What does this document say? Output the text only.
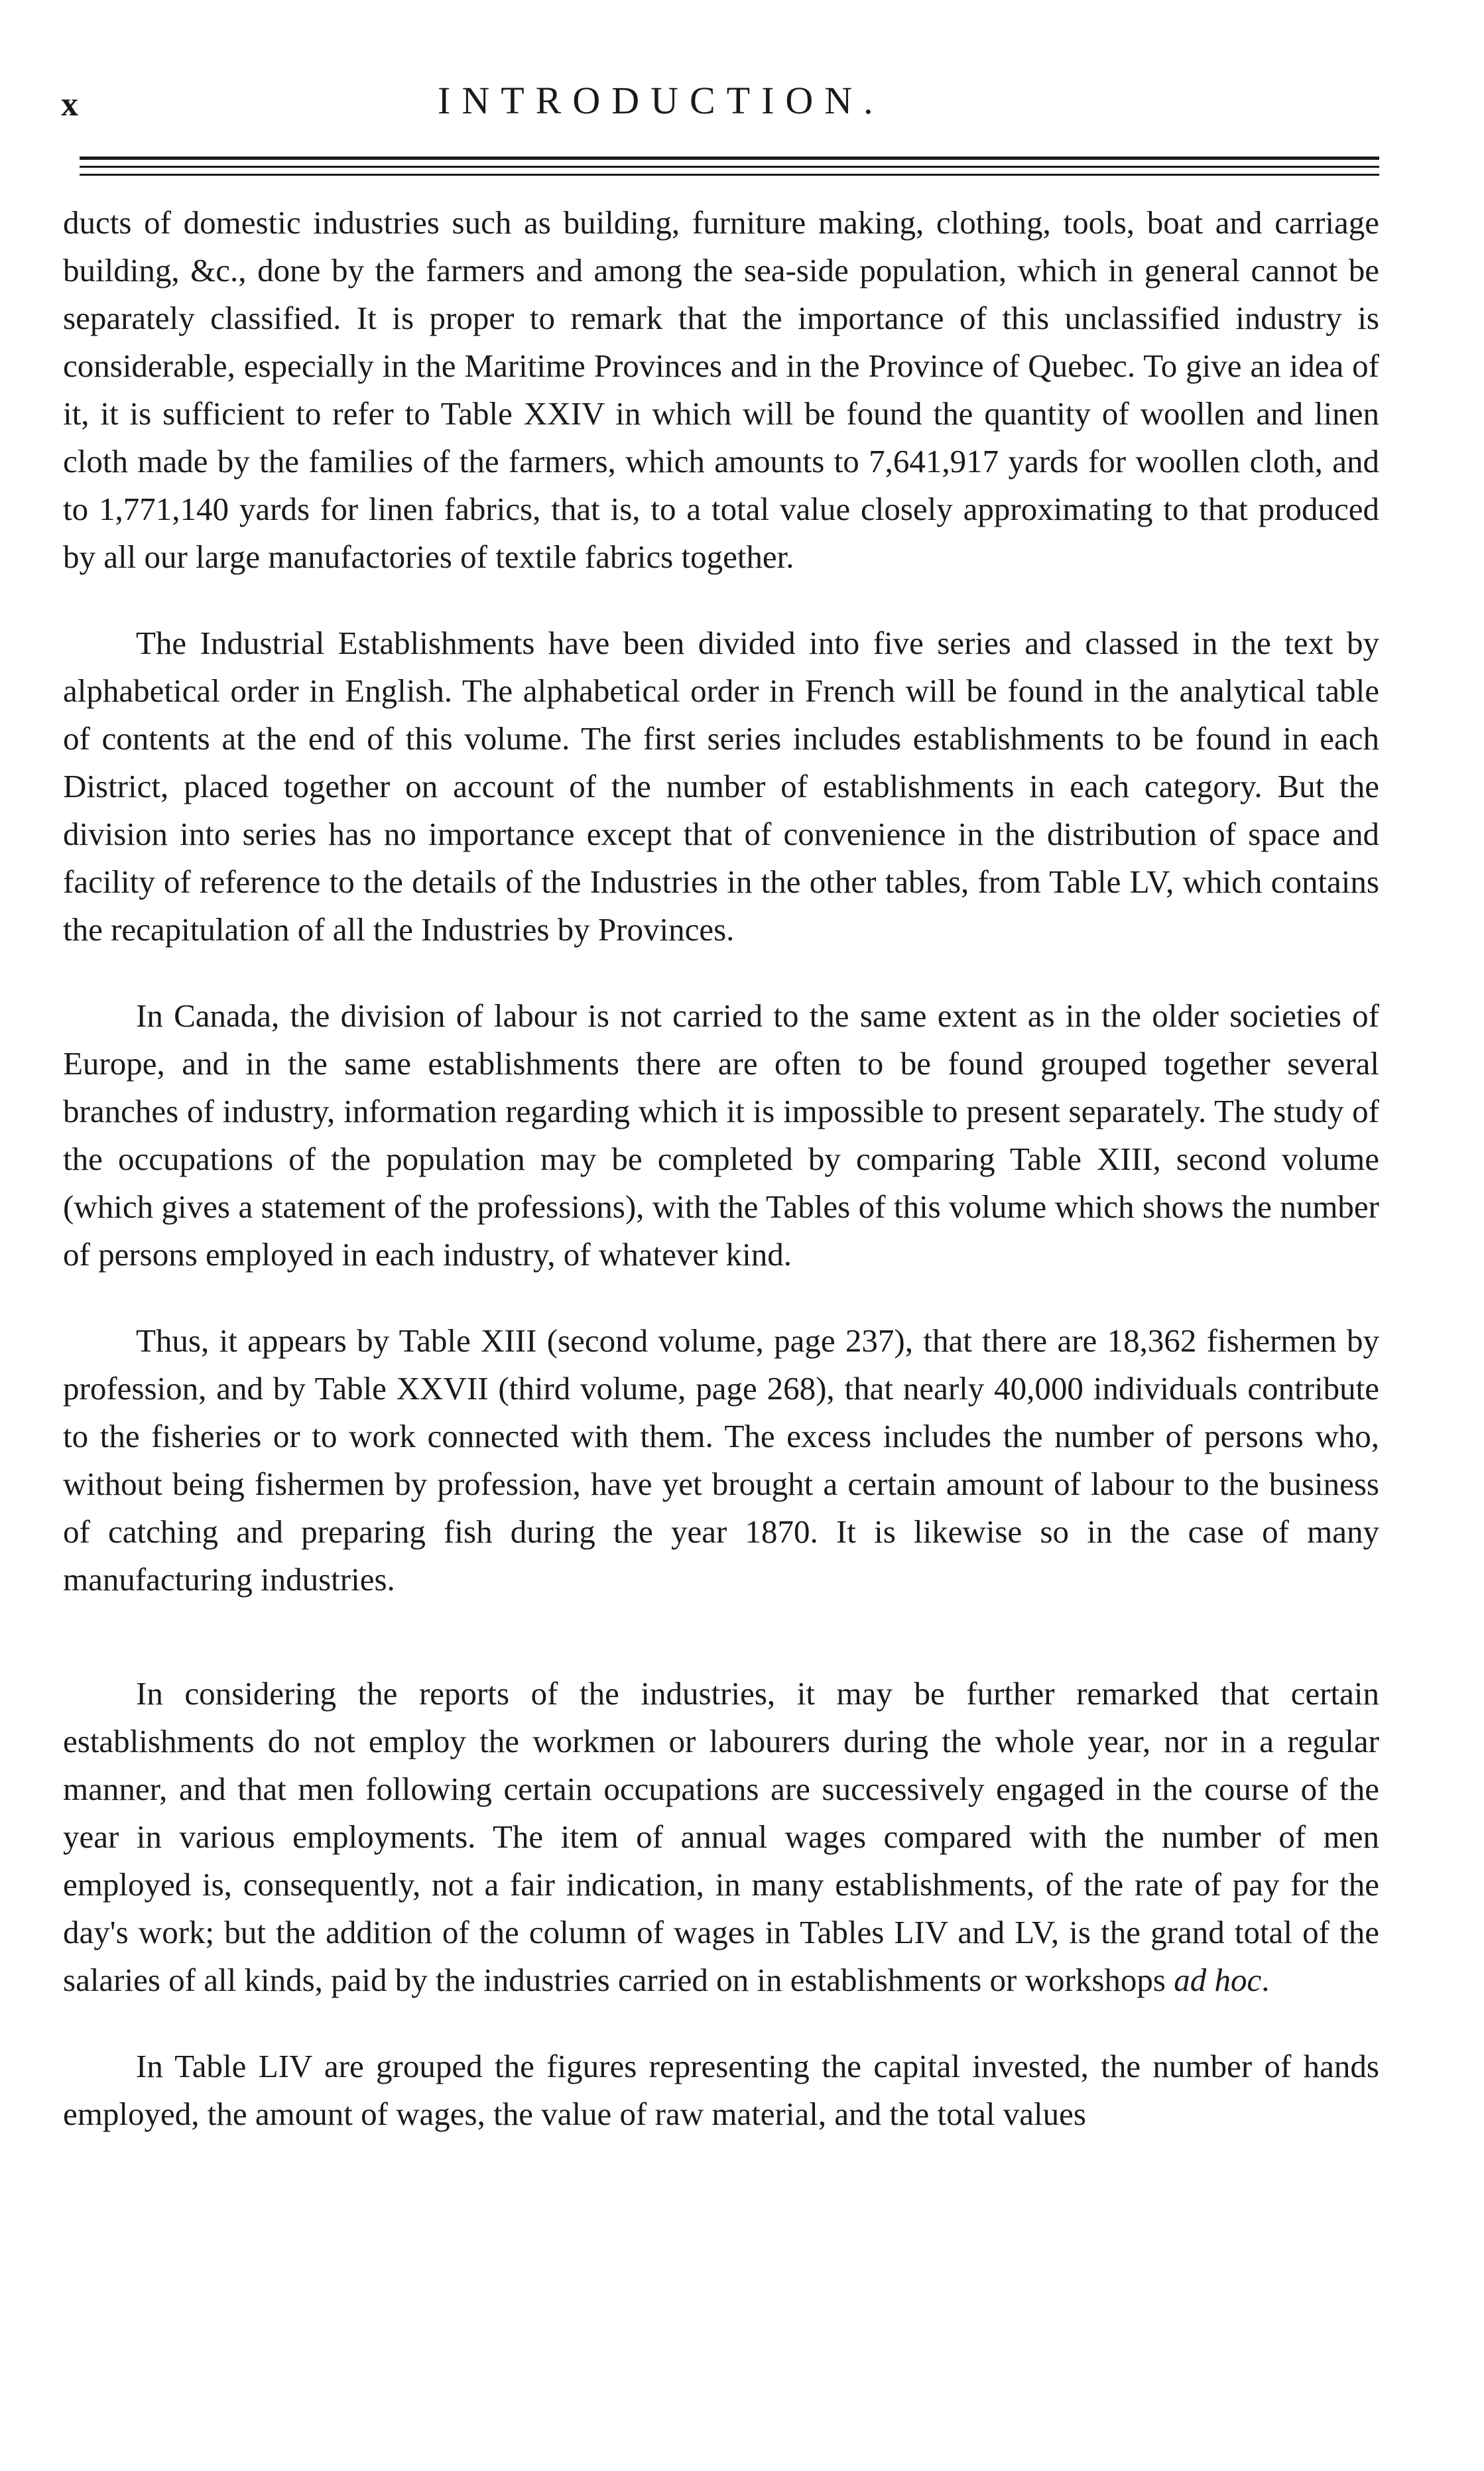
x	INTRODUCTION.

ducts of domestic industries such as building, furniture making, clothing, tools, boat and carriage building, &c., done by the farmers and among the sea-side population, which in general cannot be separately classified. It is proper to remark that the importance of this unclassified industry is considerable, especially in the Maritime Provinces and in the Province of Quebec. To give an idea of it, it is sufficient to refer to Table XXIV in which will be found the quantity of woollen and linen cloth made by the families of the farmers, which amounts to 7,641,917 yards for woollen cloth, and to 1,771,140 yards for linen fabrics, that is, to a total value closely approximating to that produced by all our large manufactories of textile fabrics together.

The Industrial Establishments have been divided into five series and classed in the text by alphabetical order in English. The alphabetical order in French will be found in the analytical table of contents at the end of this volume. The first series includes establishments to be found in each District, placed together on account of the number of establishments in each category. But the division into series has no importance except that of convenience in the distribution of space and facility of reference to the details of the Industries in the other tables, from Table LV, which contains the recapitulation of all the Industries by Provinces.

In Canada, the division of labour is not carried to the same extent as in the older societies of Europe, and in the same establishments there are often to be found grouped together several branches of industry, information regarding which it is impossible to present separately. The study of the occupations of the population may be completed by comparing Table XIII, second volume (which gives a statement of the professions), with the Tables of this volume which shows the number of persons employed in each industry, of whatever kind.

Thus, it appears by Table XIII (second volume, page 237), that there are 18,362 fishermen by profession, and by Table XXVII (third volume, page 268), that nearly 40,000 individuals contribute to the fisheries or to work connected with them. The excess includes the number of persons who, without being fishermen by profession, have yet brought a certain amount of labour to the business of catching and preparing fish during the year 1870. It is likewise so in the case of many manufacturing industries.

In considering the reports of the industries, it may be further remarked that certain establishments do not employ the workmen or labourers during the whole year, nor in a regular manner, and that men following certain occupations are successively engaged in the course of the year in various employments. The item of annual wages compared with the number of men employed is, consequently, not a fair indication, in many establishments, of the rate of pay for the day's work; but the addition of the column of wages in Tables LIV and LV, is the grand total of the salaries of all kinds, paid by the industries carried on in establishments or workshops ad hoc.

In Table LIV are grouped the figures representing the capital invested, the number of hands employed, the amount of wages, the value of raw material, and the total values
